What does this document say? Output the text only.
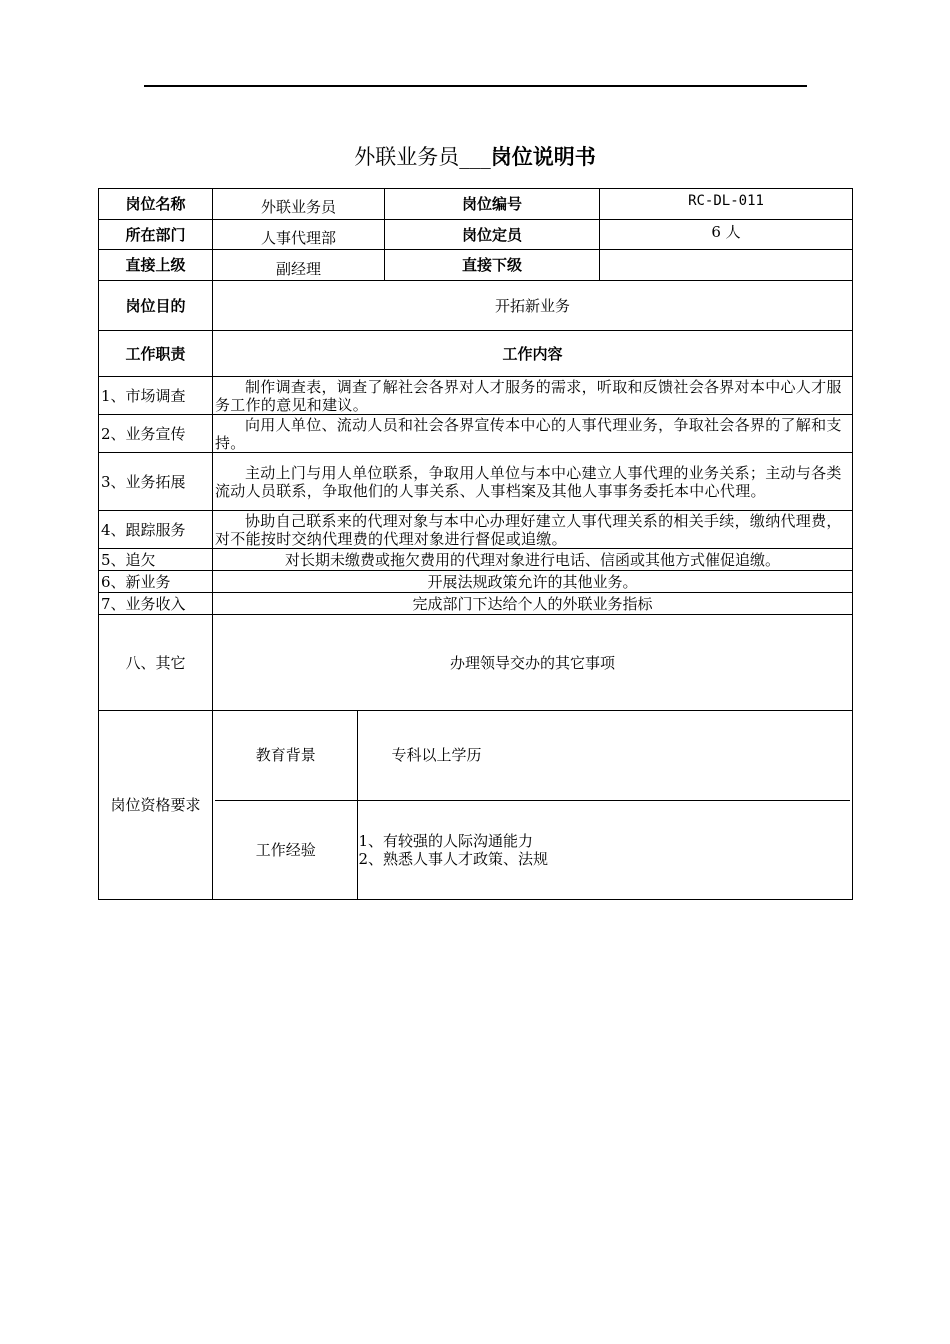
外联业务员___岗位说明书
岗位名称	外联业务员	岗位编号	RC-DL-011
所在部门	人事代理部	岗位定员	6 人
直接上级	副经理	直接下级	
岗位目的	开拓新业务
工作职责	工作内容
1、市场调查	制作调查表，调查了解社会各界对人才服务的需求，听取和反馈社会各界对本中心人才服务工作的意见和建议。

2、业务宣传	向用人单位、流动人员和社会各界宣传本中心的人事代理业务，争取社会各界的了解和支持。

3、业务拓展	主动上门与用人单位联系，争取用人单位与本中心建立人事代理的业务关系；主动与各类流动人员联系，争取他们的人事关系、人事档案及其他人事事务委托本中心代理。

4、跟踪服务	协助自己联系来的代理对象与本中心办理好建立人事代理关系的相关手续，缴纳代理费，对不能按时交纳代理费的代理对象进行督促或追缴。

5、追欠	对长期未缴费或拖欠费用的代理对象进行电话、信函或其他方式催促追缴。
6、新业务	开展法规政策允许的其他业务。
7、业务收入	完成部门下达给个人的外联业务指标
八、其它	办理领导交办的其它事项
岗位资格要求	
教育背景	专科以上学历
工作经验	1、有较强的人际沟通能力
2、熟悉人事人才政策、法规
